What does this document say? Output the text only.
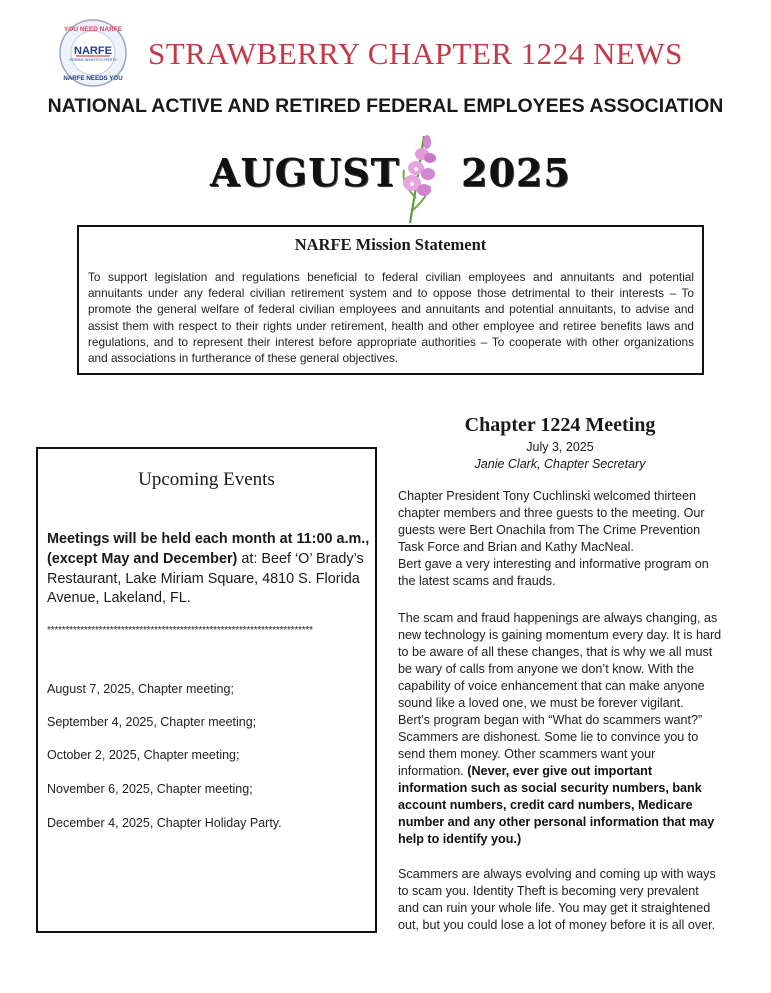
YOU NEED NARFE
NARFE
FEDERAL BENEFITS EXPERTS
NARFE NEEDS YOU
STRAWBERRY CHAPTER 1224 NEWS
NATIONAL ACTIVE AND RETIRED FEDERAL EMPLOYEES ASSOCIATION
AUGUST 2025
NARFE Mission Statement
To support legislation and regulations beneficial to federal civilian employees and annuitants and potential annuitants under any federal civilian retirement system and to oppose those detrimental to their interests – To promote the general welfare of federal civilian employees and annuitants and potential annuitants, to advise and assist them with respect to their rights under retirement, health and other employee and retiree benefits laws and regulations, and to represent their interest before appropriate authorities – To cooperate with other organizations and associations in furtherance of these general objectives.
Upcoming Events
Meetings will be held each month at 11:00 a.m., (except May and December) at: Beef ‘O’ Brady’s Restaurant, Lake Miriam Square, 4810 S. Florida Avenue, Lakeland, FL.
************************************************************************
August 7, 2025, Chapter meeting;
September 4, 2025, Chapter meeting;
October 2, 2025, Chapter meeting;
November 6, 2025, Chapter meeting;
December 4, 2025, Chapter Holiday Party.
Chapter 1224 Meeting
July 3, 2025
Janie Clark, Chapter Secretary
Chapter President Tony Cuchlinski welcomed thirteen chapter members and three guests to the meeting. Our guests were Bert Onachila from The Crime Prevention Task Force and Brian and Kathy MacNeal.
Bert gave a very interesting and informative program on the latest scams and frauds.
The scam and fraud happenings are always changing, as new technology is gaining momentum every day. It is hard to be aware of all these changes, that is why we all must be wary of calls from anyone we don’t know. With the capability of voice enhancement that can make anyone sound like a loved one, we must be forever vigilant.
Bert’s program began with “What do scammers want?” Scammers are dishonest. Some lie to convince you to send them money. Other scammers want your information. (Never, ever give out important information such as social security numbers, bank account numbers, credit card numbers, Medicare number and any other personal information that may help to identify you.)
Scammers are always evolving and coming up with ways to scam you. Identity Theft is becoming very prevalent and can ruin your whole life. You may get it straightened out, but you could lose a lot of money before it is all over.
